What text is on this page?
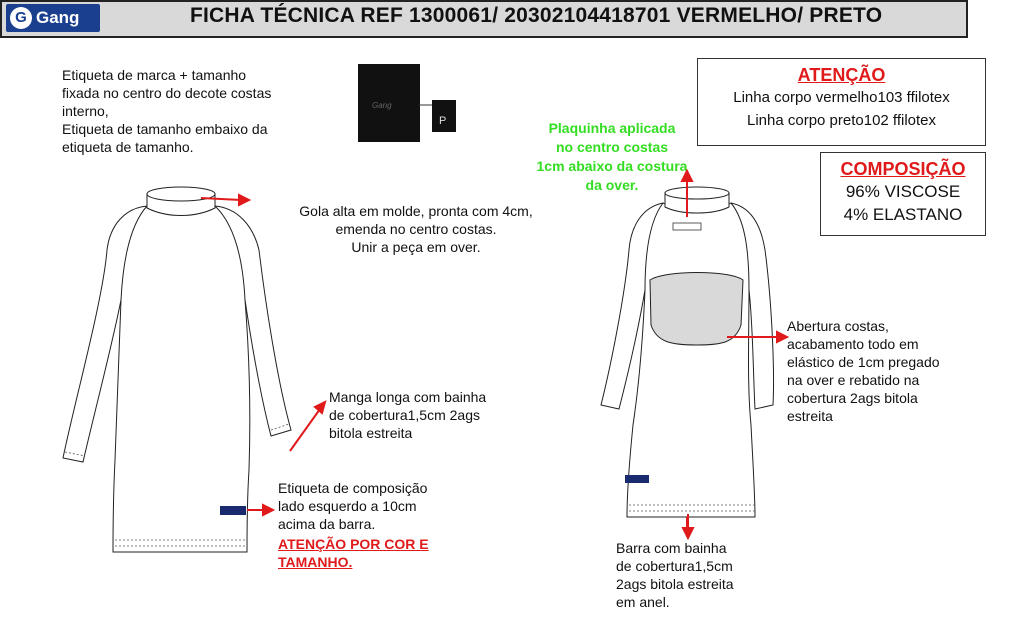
G Gang	FICHA TÉCNICA REF 1300061/ 20302104418701 VERMELHO/ PRETO
Etiqueta de marca + tamanho
fixada no centro do decote costas
interno,
Etiqueta de tamanho embaixo da
etiqueta de tamanho.
Gang
P
ATENÇÃO
Linha corpo vermelho103 ffilotex
Linha corpo preto102 ffilotex
COMPOSIÇÃO
96% VISCOSE
4% ELASTANO
Plaquinha aplicada
no centro costas
1cm abaixo da costura
da over.
Gola alta em molde, pronta com 4cm,
emenda no centro costas.
Unir a peça em over.
Manga longa com bainha
de cobertura1,5cm 2ags
bitola estreita
Etiqueta de composição
lado esquerdo a 10cm
acima da barra.
ATENÇÃO POR COR E
TAMANHO.
Abertura costas,
acabamento todo em
elástico de 1cm pregado
na over e rebatido na
cobertura 2ags bitola
estreita
Barra com bainha
de cobertura1,5cm
2ags bitola estreita
em anel.
